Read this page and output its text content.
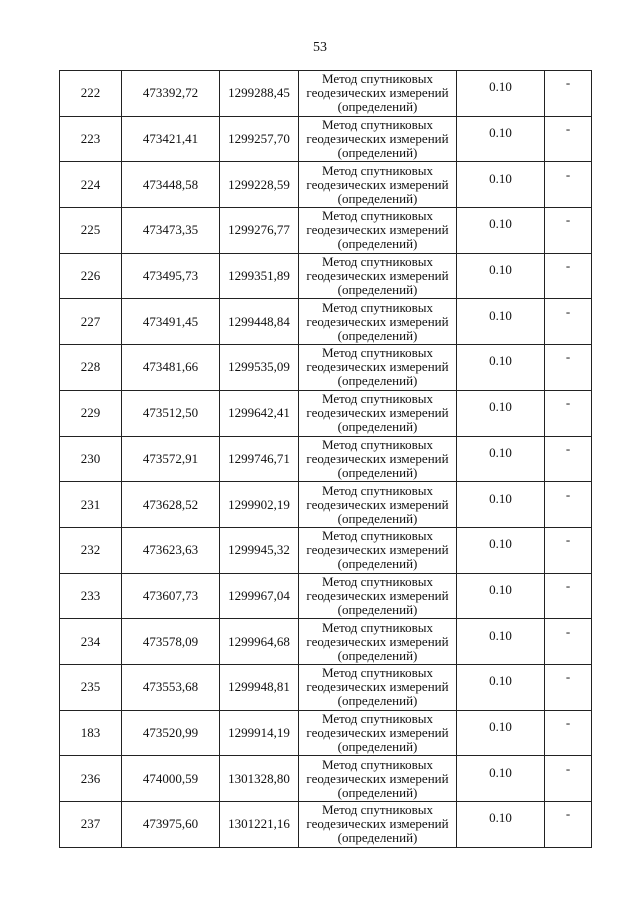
53
222	473392,72	1299288,45	Метод спутниковых
геодезических измерений
(определений)	0.10	-
223	473421,41	1299257,70	Метод спутниковых
геодезических измерений
(определений)	0.10	-
224	473448,58	1299228,59	Метод спутниковых
геодезических измерений
(определений)	0.10	-
225	473473,35	1299276,77	Метод спутниковых
геодезических измерений
(определений)	0.10	-
226	473495,73	1299351,89	Метод спутниковых
геодезических измерений
(определений)	0.10	-
227	473491,45	1299448,84	Метод спутниковых
геодезических измерений
(определений)	0.10	-
228	473481,66	1299535,09	Метод спутниковых
геодезических измерений
(определений)	0.10	-
229	473512,50	1299642,41	Метод спутниковых
геодезических измерений
(определений)	0.10	-
230	473572,91	1299746,71	Метод спутниковых
геодезических измерений
(определений)	0.10	-
231	473628,52	1299902,19	Метод спутниковых
геодезических измерений
(определений)	0.10	-
232	473623,63	1299945,32	Метод спутниковых
геодезических измерений
(определений)	0.10	-
233	473607,73	1299967,04	Метод спутниковых
геодезических измерений
(определений)	0.10	-
234	473578,09	1299964,68	Метод спутниковых
геодезических измерений
(определений)	0.10	-
235	473553,68	1299948,81	Метод спутниковых
геодезических измерений
(определений)	0.10	-
183	473520,99	1299914,19	Метод спутниковых
геодезических измерений
(определений)	0.10	-
236	474000,59	1301328,80	Метод спутниковых
геодезических измерений
(определений)	0.10	-
237	473975,60	1301221,16	Метод спутниковых
геодезических измерений
(определений)	0.10	-
